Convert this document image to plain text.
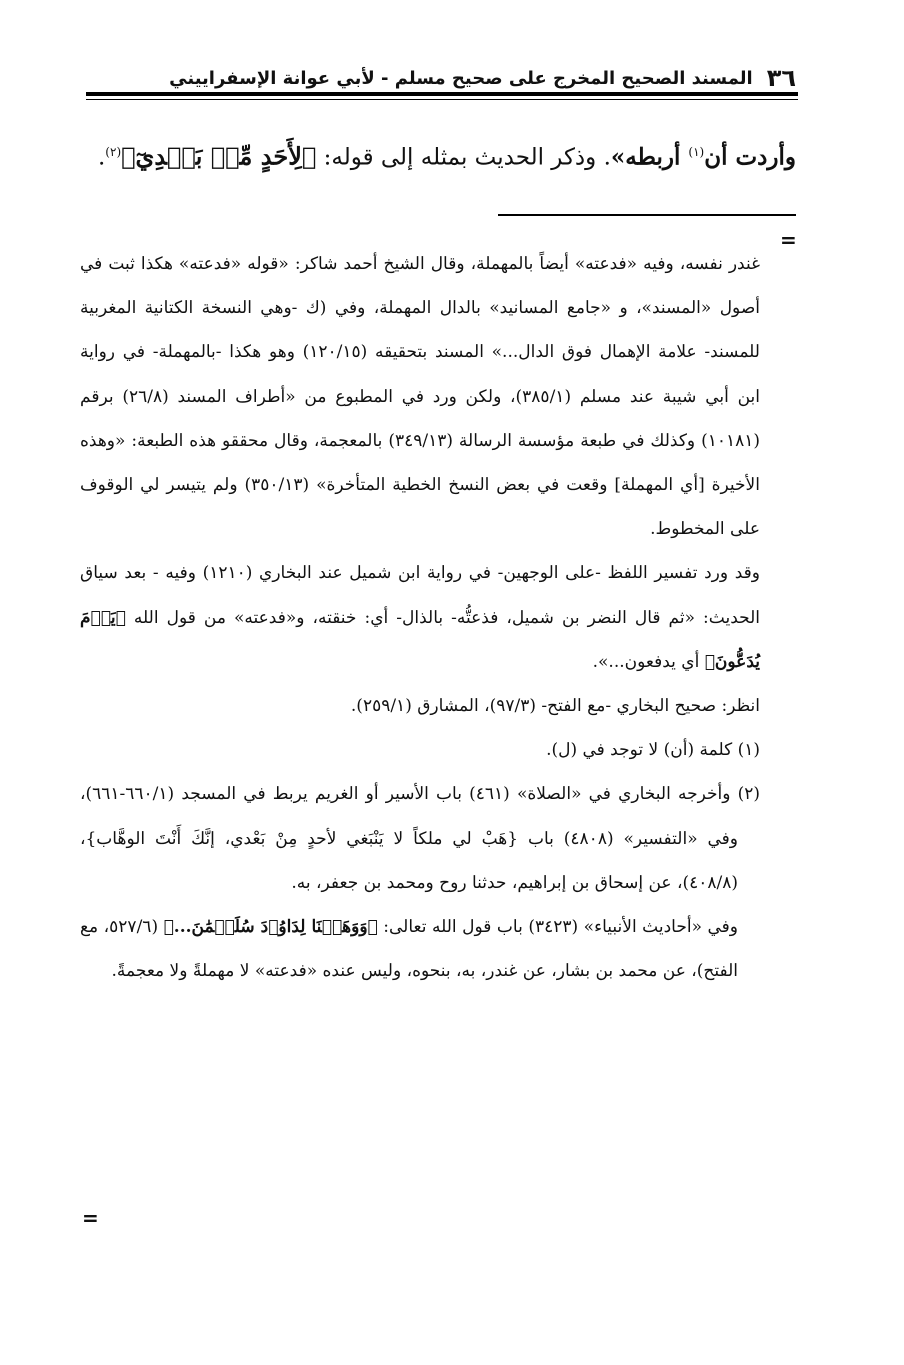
٣٦
المسند الصحيح المخرج على صحيح مسلم - لأبي عوانة الإسفراييني
وأردت أن$^{(١)}$ أربطه». وذكر الحديث بمثله إلى قوله: ﴿لِأَحَدٍ مِّنۢ بَعۡدِيٓ﴾$^{(٢)}$.
=

غندر نفسه، وفيه «فدعته» أيضاً بالمهملة، وقال الشيخ أحمد شاكر: «قوله «فدعته» هكذا ثبت في أصول «المسند»، و «جامع المسانيد» بالدال المهملة، وفي (ك -وهي النسخة الكتانية المغربية للمسند- علامة الإهمال فوق الدال...» المسند بتحقيقه (١٢٠/١٥) وهو هكذا -بالمهملة- في رواية ابن أبي شيبة عند مسلم (٣٨٥/١)، ولكن ورد في المطبوع من «أطراف المسند (٢٦/٨) برقم (١٠١٨١) وكذلك في طبعة مؤسسة الرسالة (٣٤٩/١٣) بالمعجمة، وقال محققو هذه الطبعة: «وهذه الأخيرة [أي المهملة] وقعت في بعض النسخ الخطية المتأخرة» (٣٥٠/١٣) ولم يتيسر لي الوقوف على المخطوط.

وقد ورد تفسير اللفظ -على الوجهين- في رواية ابن شميل عند البخاري (١٢١٠) وفيه - بعد سياق الحديث: «ثم قال النضر بن شميل، فذعتُّه- بالذال- أي: خنقته، و«فدعته» من قول الله ﴿يَوۡمَ يُدَعُّونَ﴾ أي يدفعون...».

انظر: صحيح البخاري -مع الفتح- (٩٧/٣)، المشارق (٢٥٩/١).

(١) كلمة (أن) لا توجد في (ل).

(٢) وأخرجه البخاري في «الصلاة» (٤٦١) باب الأسير أو الغريم يربط في المسجد (٦٦٠/١-٦٦١)، وفي «التفسير» (٤٨٠٨) باب {هَبْ لي ملكاً لا يَنْبَغي لأحدٍ مِنْ بَعْدي، إنَّكَ أَنْتَ الوهَّاب}، (٤٠٨/٨)، عن إسحاق بن إبراهيم، حدثنا روح ومحمد بن جعفر، به.

وفي «أحاديث الأنبياء» (٣٤٢٣) باب قول الله تعالى: ﴿وَوَهَبۡنَا لِدَاوُۥدَ سُلَيۡمَٰنَ...﴾ (٥٢٧/٦، مع الفتح)، عن محمد بن بشار، عن غندر، به، بنحوه، وليس عنده «فدعته» لا مهملةً ولا معجمةً.

=
